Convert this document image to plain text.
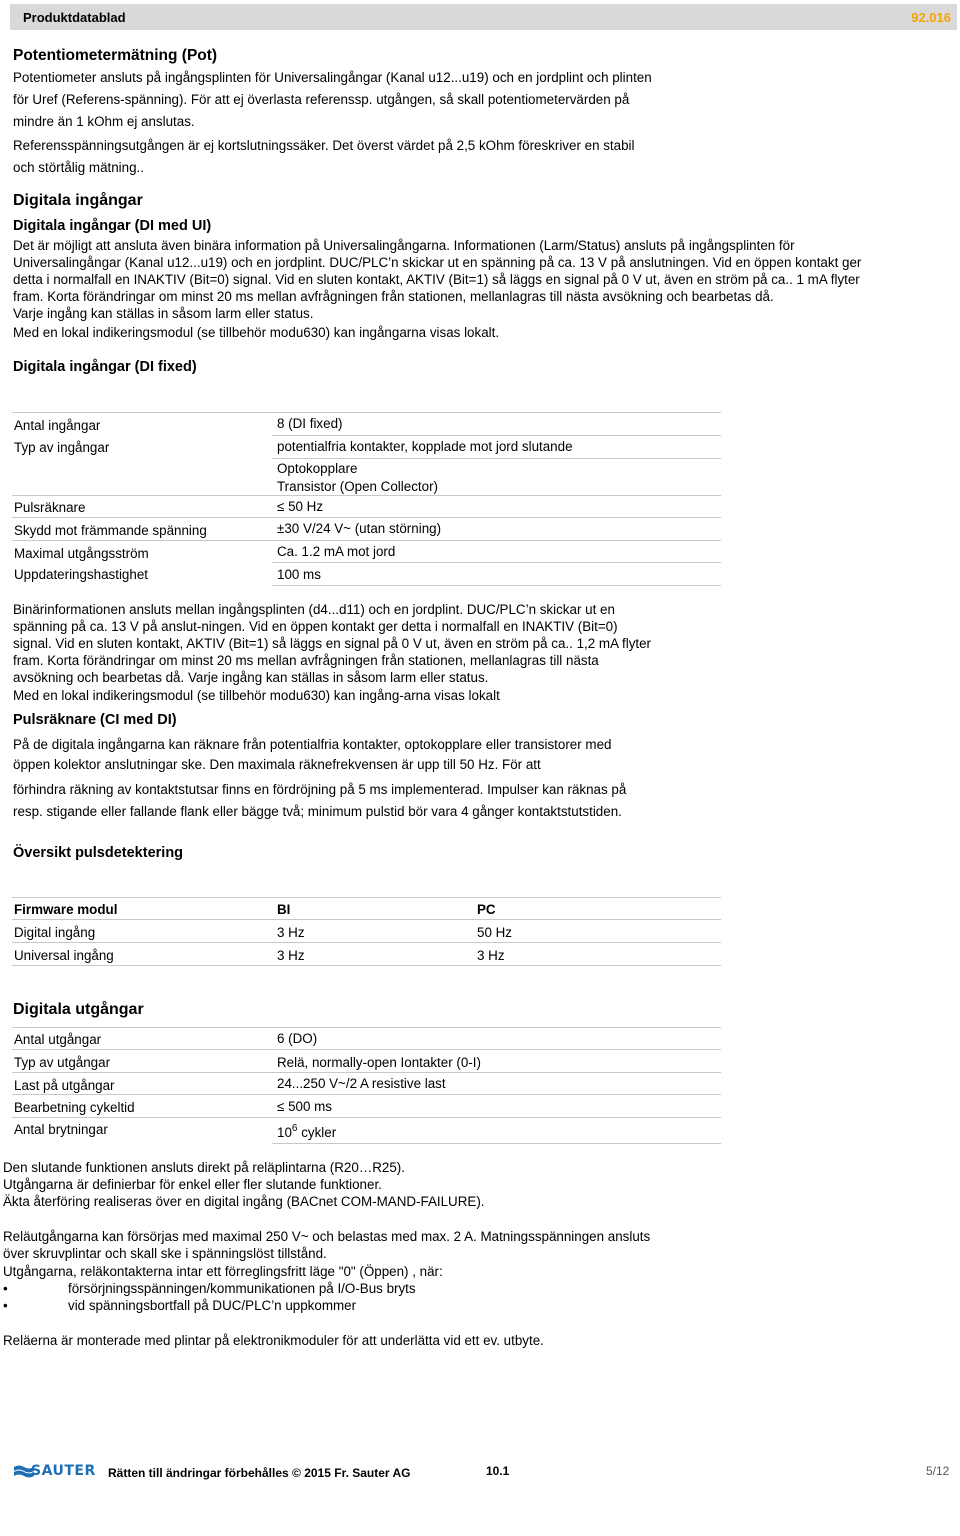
Produktdatablad	92.016
Potentiometermätning (Pot)
Potentiometer ansluts på ingångsplinten för Universalingångar (Kanal u12...u19) och en jordplint och plinten
för Uref (Referens-spänning). För att ej överlasta referenssp. utgången, så skall potentiometervärden på
mindre än 1 kOhm ej anslutas.
Referensspänningsutgången är ej kortslutningssäker. Det överst värdet på 2,5 kOhm föreskriver en stabil
och störtålig mätning..
Digitala ingångar
Digitala ingångar (DI med UI)
Det är möjligt att ansluta även binära information på Universalingångarna. Informationen (Larm/Status) ansluts på ingångsplinten för
Universalingångar (Kanal u12...u19) och en jordplint. DUC/PLC’n skickar ut en spänning på ca. 13 V på anslutningen. Vid en öppen kontakt ger
detta i normalfall en INAKTIV (Bit=0) signal. Vid en sluten kontakt, AKTIV (Bit=1) så läggs en signal på 0 V ut, även en ström på ca.. 1 mA flyter
fram. Korta förändringar om minst 20 ms mellan avfrågningen från stationen, mellanlagras till nästa avsökning och bearbetas då.
Varje ingång kan ställas in såsom larm eller status.
Med en lokal indikeringsmodul (se tillbehör modu630) kan ingångarna visas lokalt.
Digitala ingångar (DI fixed)
Antal ingångar	8 (DI fixed)
Typ av ingångar	potentialfria kontakter, kopplade mot jord slutande
Optokopplare
Transistor (Open Collector)
Pulsräknare	≤ 50 Hz
Skydd mot främmande spänning	±30 V/24 V~ (utan störning)
Maximal utgångsström	Ca. 1.2 mA mot jord
Uppdateringshastighet	100 ms
Binärinformationen ansluts mellan ingångsplinten (d4...d11) och en jordplint. DUC/PLC’n skickar ut en
spänning på ca. 13 V på anslut-ningen. Vid en öppen kontakt ger detta i normalfall en INAKTIV (Bit=0)
signal. Vid en sluten kontakt, AKTIV (Bit=1) så läggs en signal på 0 V ut, även en ström på ca.. 1,2 mA flyter
fram. Korta förändringar om minst 20 ms mellan avfrågningen från stationen, mellanlagras till nästa
avsökning och bearbetas då. Varje ingång kan ställas in såsom larm eller status.
Med en lokal indikeringsmodul (se tillbehör modu630) kan ingång-arna visas lokalt
Pulsräknare (CI med DI)
På de digitala ingångarna kan räknare från potentialfria kontakter, optokopplare eller transistorer med
öppen kolektor anslutningar ske. Den maximala räknefrekvensen är upp till 50 Hz. För att
förhindra räkning av kontaktstutsar finns en fördröjning på 5 ms implementerad. Impulser kan räknas på
resp. stigande eller fallande flank eller bägge två; minimum pulstid bör vara 4 gånger kontaktstutstiden.
Översikt pulsdetektering
Firmware modul	BI	PC
Digital ingång	3 Hz	50 Hz
Universal ingång	3 Hz	3 Hz
Digitala utgångar
Antal utgångar	6 (DO)
Typ av utgångar	Relä, normally-open Iontakter (0-I)
Last på utgångar	24...250 V~/2 A resistive last
Bearbetning cykeltid	≤ 500 ms
Antal brytningar	$10^6$ cykler
Den slutande funktionen ansluts direkt på reläplintarna (R20…R25).
Utgångarna är definierbar för enkel eller fler slutande funktioner.
Äkta återföring realiseras över en digital ingång (BACnet COM-MAND-FAILURE).
Reläutgångarna kan försörjas med maximal 250 V~ och belastas med max. 2 A. Matningsspänningen ansluts
över skruvplintar och skall ske i spänningslöst tillstånd.
Utgångarna, reläkontakterna intar ett förreglingsfritt läge "0" (Öppen) , när:
•	försörjningsspänningen/kommunikationen på I/O-Bus bryts
•	vid spänningsbortfall på DUC/PLC’n uppkommer
Reläerna är monterade med plintar på elektronikmoduler för att underlätta vid ett ev. utbyte.
SAUTER Rätten till ändringar förbehålles © 2015 Fr. Sauter AG	10.1	5/12
